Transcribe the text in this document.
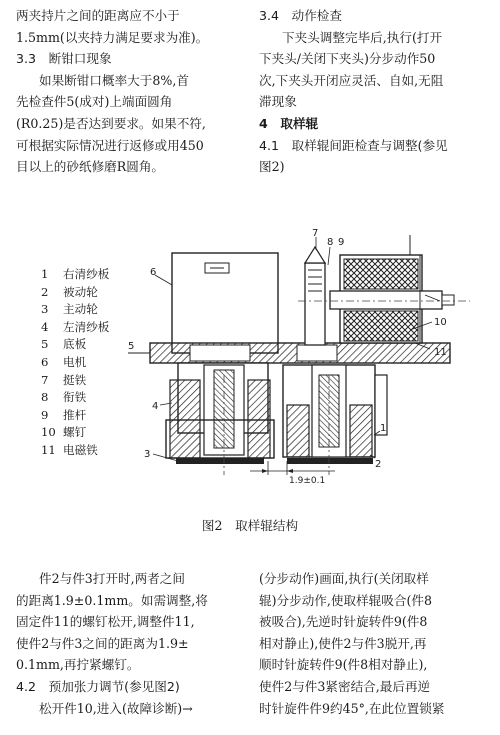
两夹持片之间的距离应不小于

1.5mm(以夹持力满足要求为准)。

3.3　断钳口现象

如果断钳口概率大于8%,首

先检查件5(成对)上端面圆角

(R0.25)是否达到要求。如果不符,

可根据实际情况进行返修或用450

目以上的砂纸修磨R圆角。

3.4　动作检查

下夹头调整完毕后,执行(打开

下夹头/关闭下夹头)分步动作50

次,下夹头开闭应灵活、自如,无阻

滞现象

4　取样辊

4.1　取样辊间距检查与调整(参见

图2)

1 右清纱板
2 被动轮
3 主动轮
4 左清纱板
5 底板
6 电机
7 挺铁
8 衔铁
9 推杆
10 螺钉
11 电磁铁
1.9±0.1
6
7
8 9
5
10
11
4
3
1
2
图2　取样辊结构

件2与件3打开时,两者之间

的距离1.9±0.1mm。如需调整,将

固定件11的螺钉松开,调整件11,

使件2与件3之间的距离为1.9±

0.1mm,再拧紧螺钉。

4.2　预加张力调节(参见图2)

松开件10,进入(故障诊断)→

(分步动作)画面,执行(关闭取样

辊)分步动作,使取样辊吸合(件8

被吸合),先逆时针旋转件9(件8

相对静止),使件2与件3脱开,再

顺时针旋转件9(件8相对静止),

使件2与件3紧密结合,最后再逆

时针旋件件9约45°,在此位置锁紧
